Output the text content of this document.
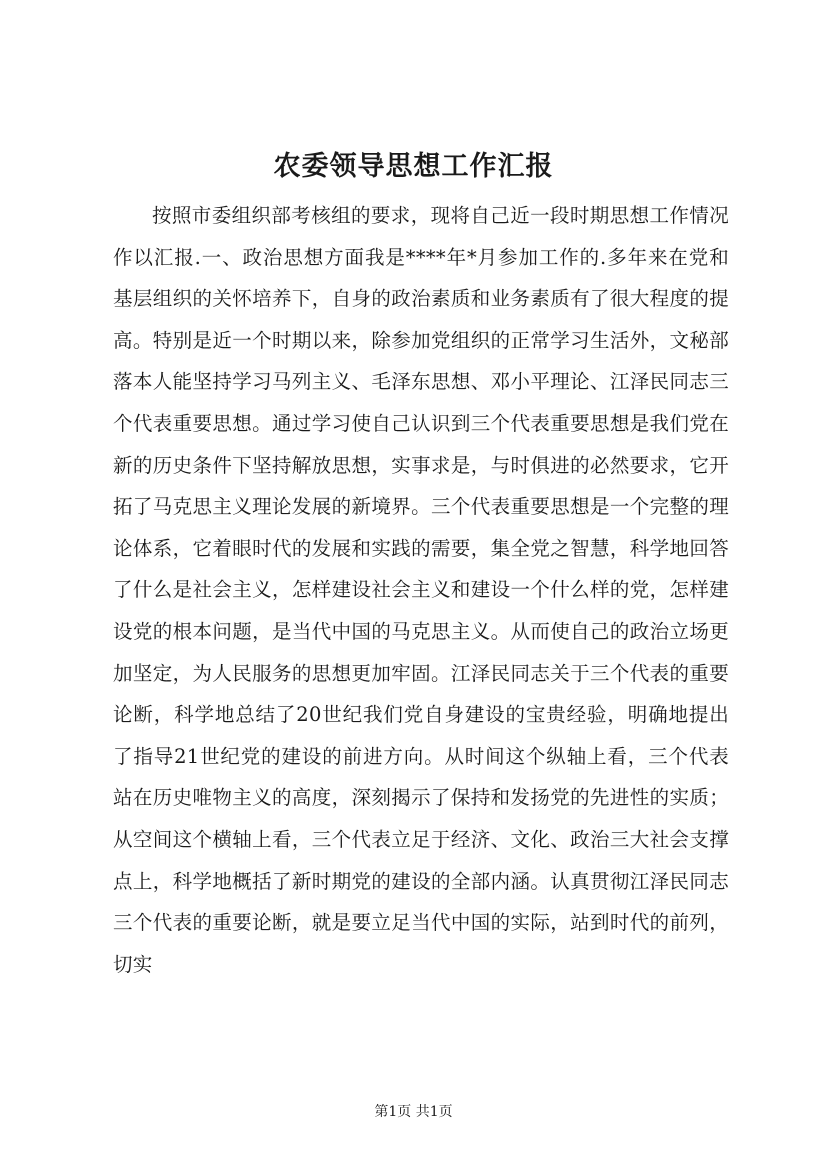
农委领导思想工作汇报

按照市委组织部考核组的要求，现将自己近一段时期思想工作情况作以汇报.一、政治思想方面我是****年*月参加工作的.多年来在党和基层组织的关怀培养下，自身的政治素质和业务素质有了很大程度的提高。特别是近一个时期以来，除参加党组织的正常学习生活外，文秘部落本人能坚持学习马列主义、毛泽东思想、邓小平理论、江泽民同志三个代表重要思想。通过学习使自己认识到三个代表重要思想是我们党在新的历史条件下坚持解放思想，实事求是，与时俱进的必然要求，它开拓了马克思主义理论发展的新境界。三个代表重要思想是一个完整的理论体系，它着眼时代的发展和实践的需要，集全党之智慧，科学地回答了什么是社会主义，怎样建设社会主义和建设一个什么样的党，怎样建设党的根本问题，是当代中国的马克思主义。从而使自己的政治立场更加坚定，为人民服务的思想更加牢固。江泽民同志关于三个代表的重要论断，科学地总结了20世纪我们党自身建设的宝贵经验，明确地提出了指导21世纪党的建设的前进方向。从时间这个纵轴上看，三个代表站在历史唯物主义的高度，深刻揭示了保持和发扬党的先进性的实质；从空间这个横轴上看，三个代表立足于经济、文化、政治三大社会支撑点上，科学地概括了新时期党的建设的全部内涵。认真贯彻江泽民同志三个代表的重要论断，就是要立足当代中国的实际，站到时代的前列，切实

第1页 共1页
